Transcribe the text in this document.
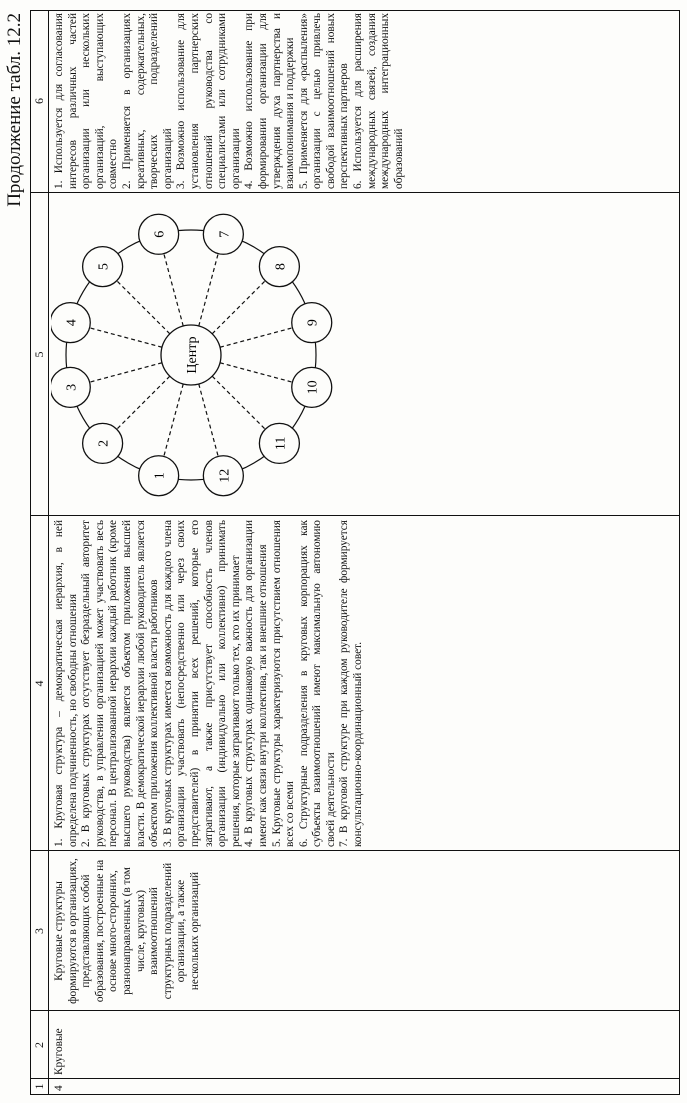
Продолжение табл. 12.2
1
2
3
4
5
6
4
Круговые
Круговые структуры формируются в организациях, представляющих собой образования, построенные на основе много-сторонних, разнонаправленных (в том числе, круговых) взаимоотношений структурных подразделений организации, а также нескольких организаций
1. Круговая структура – демократическая иерархия, в ней определена подчиненность, но свободны отношения 2. В круговых структурах отсутствует безраздельный авторитет руководства, в управлении организацией может участвовать весь персонал. В централизованной иерархии каждый работник (кроме высшего руководства) является объектом приложения высшей власти. В демократической иерархии любой руководитель является объектом приложения коллективной власти работников 3. В круговых структурах имеется возможность для каждого члена организации участвовать (непосредственно или через своих представителей) в принятии всех решений, которые его затрагивают, а также присутствует способность членов организации (индивидуально или коллективно) принимать решения, которые затрагивают только тех, кто их принимает 4. В круговых структурах одинаковую важность для организации имеют как связи внутри коллектива, так и внешние отношения 5. Круговые структуры характеризуются присутствием отношения всех со всеми 6. Структурные подразделения в круговых корпорациях как субъекты взаимоотношений имеют максимальную автономию своей деятельности 7. В круговой структуре при каждом руководителе формируется консультационно-координационный совет.
1
2
3
4
5
6	7
8
9
10
11
12
Центр
1. Используется для согласования интересов различных частей организации или нескольких организаций, выступающих совместно 2. Применяется в организациях креативных, содержательных, творческих подразделений организаций 3. Возможно использование для установления партнерских отношений руководства со специалистами или сотрудниками организации 4. Возможно использование при формировании организации для утверждения духа партнерства и взаимопонимания и поддержки 5. Применяется для «распыления» организации с целью привлечь свободой взаимоотношений новых перспективных партнеров 6. Используется для расширения международных связей, создания международных интеграционных образований
